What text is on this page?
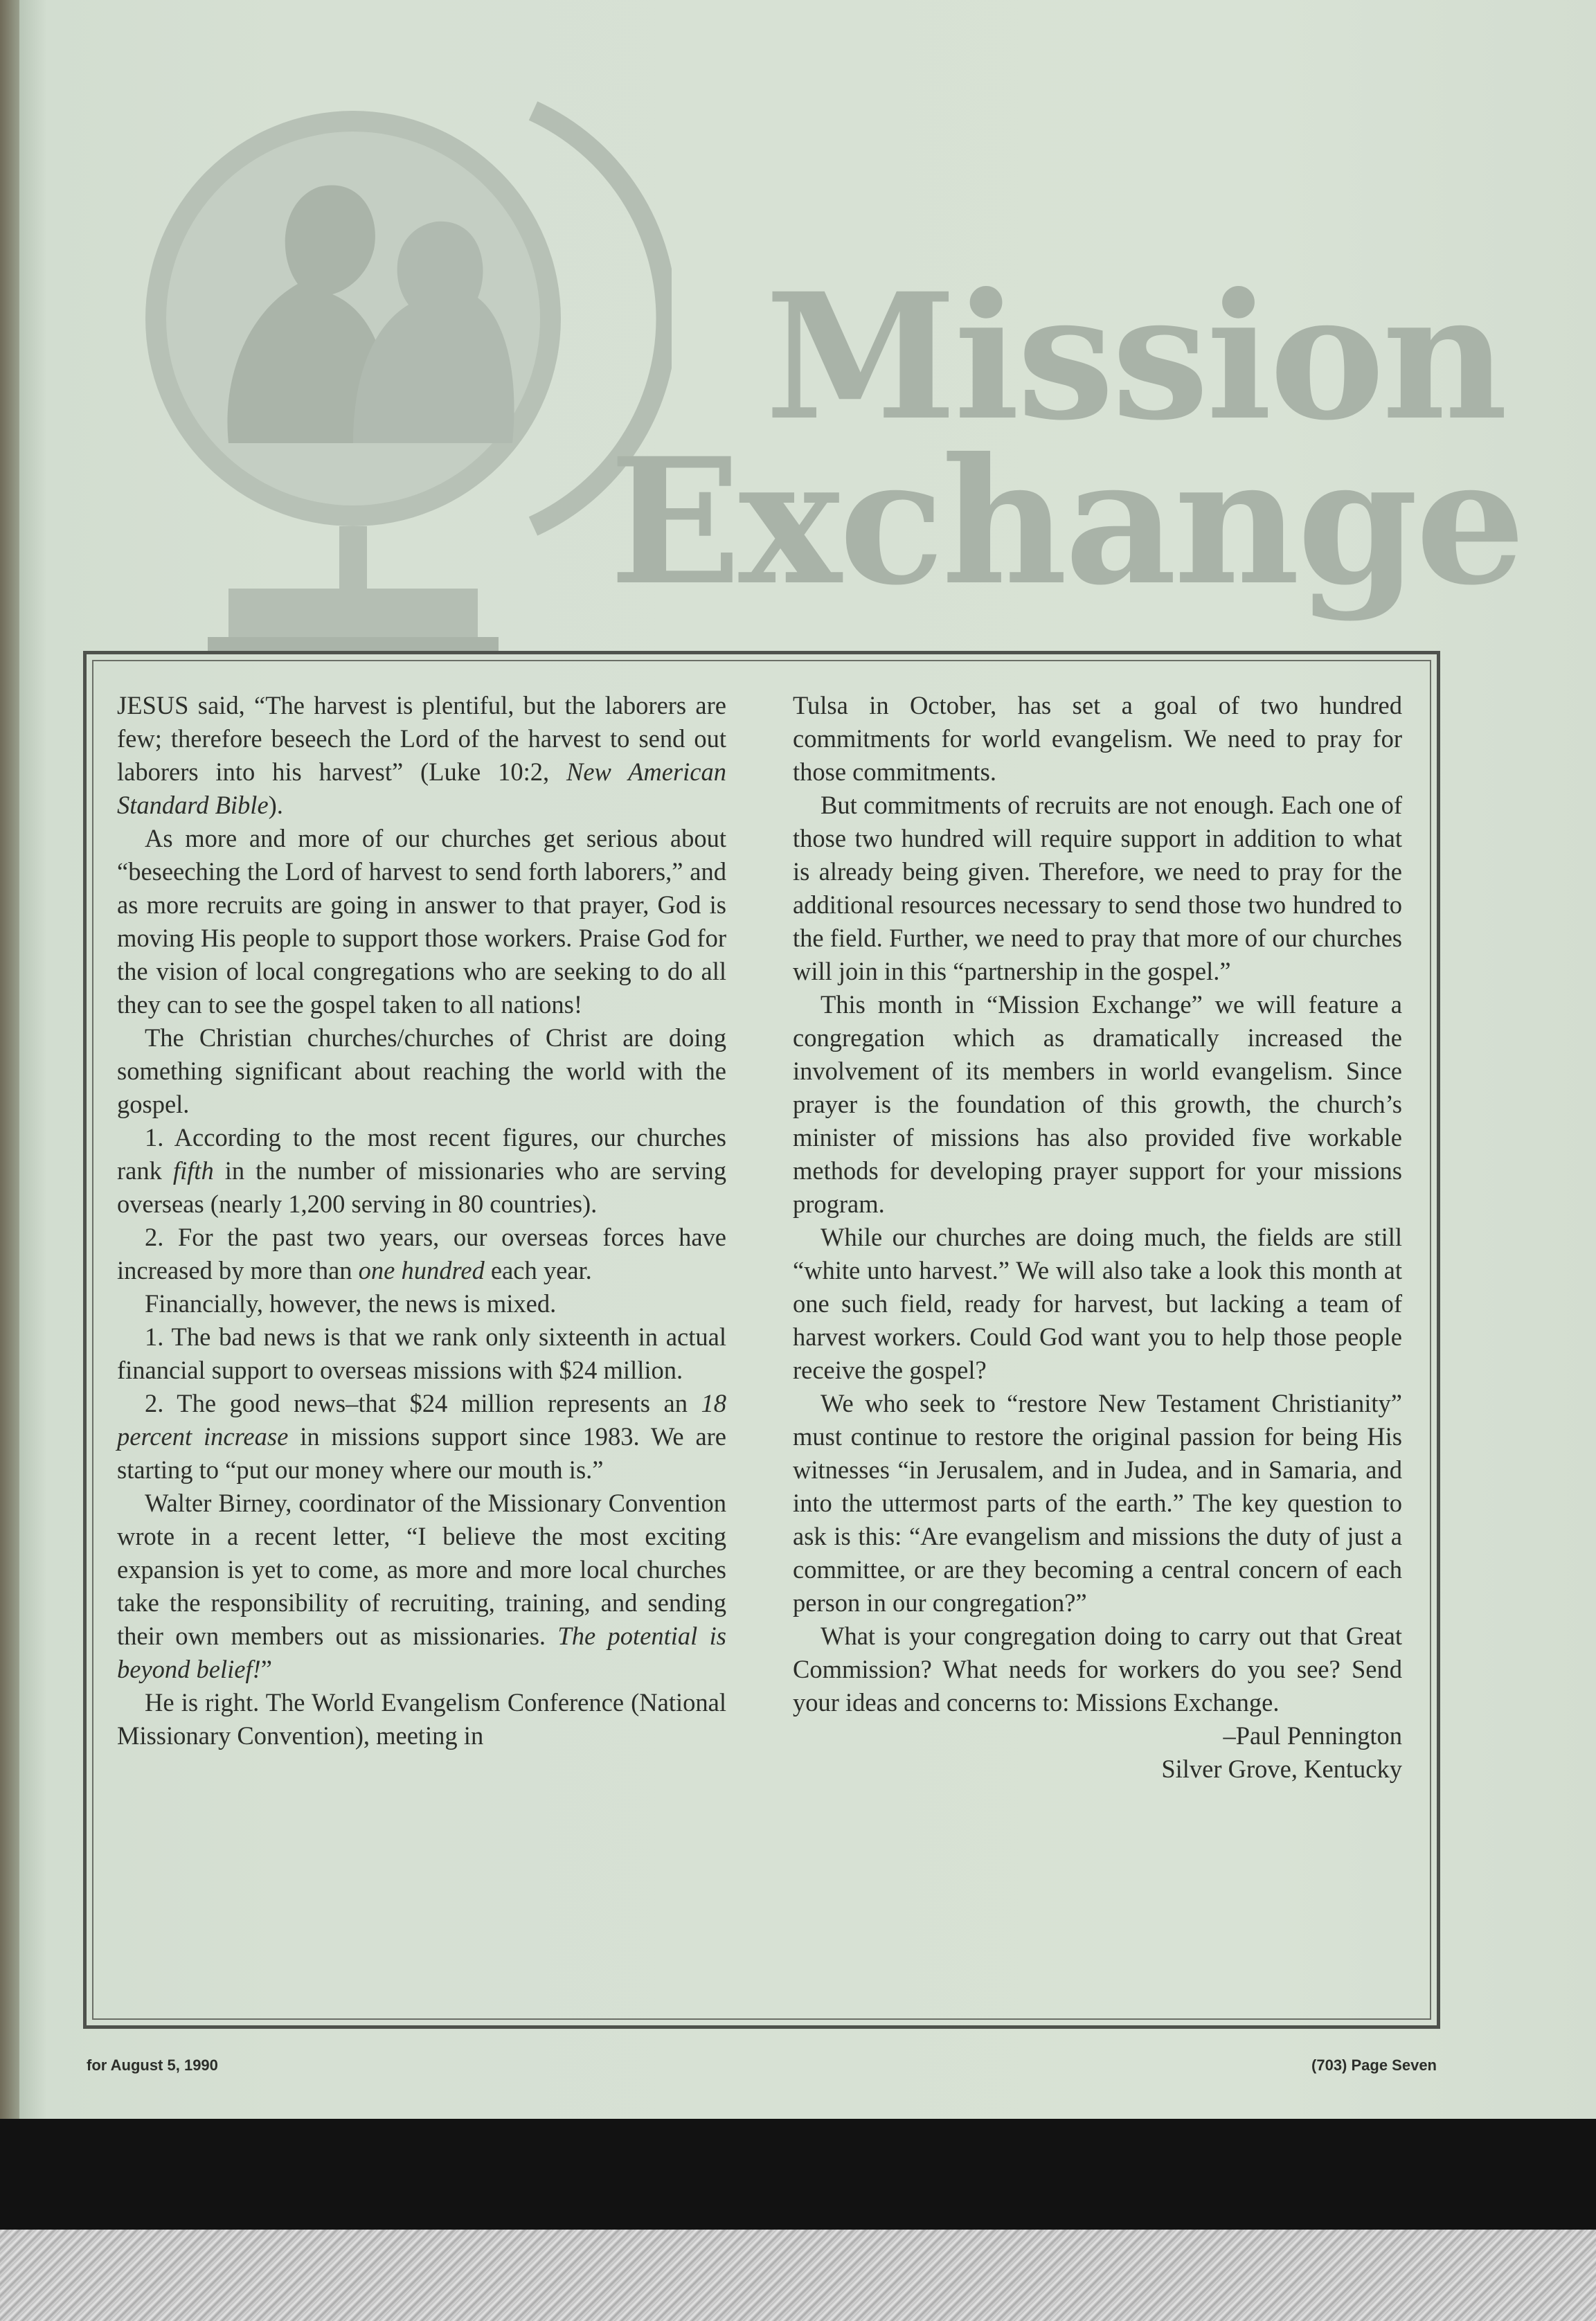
Mission
Exchange

JESUS said, “The harvest is plentiful, but the laborers are few; therefore beseech the Lord of the harvest to send out laborers into his harvest” (Luke 10:2, New American Standard Bible).

As more and more of our churches get serious about “beseeching the Lord of harvest to send forth laborers,” and as more recruits are going in answer to that prayer, God is moving His people to support those workers. Praise God for the vision of local congregations who are seeking to do all they can to see the gospel taken to all nations!

The Christian churches/churches of Christ are doing something significant about reaching the world with the gospel.

1. According to the most recent figures, our churches rank fifth in the number of missionaries who are serving overseas (nearly 1,200 serving in 80 countries).

2. For the past two years, our overseas forces have increased by more than one hundred each year.

Financially, however, the news is mixed.

1. The bad news is that we rank only sixteenth in actual financial support to overseas missions with $24 million.

2. The good news–that $24 million represents an 18 percent increase in missions support since 1983. We are starting to “put our money where our mouth is.”

Walter Birney, coordinator of the Missionary Convention wrote in a recent letter, “I believe the most exciting expansion is yet to come, as more and more local churches take the responsibility of recruiting, training, and sending their own members out as missionaries. The potential is beyond belief!”

He is right. The World Evangelism Conference (National Missionary Convention), meeting in

Tulsa in October, has set a goal of two hundred commitments for world evangelism. We need to pray for those commitments.

But commitments of recruits are not enough. Each one of those two hundred will require support in addition to what is already being given. Therefore, we need to pray for the additional resources necessary to send those two hundred to the field. Further, we need to pray that more of our churches will join in this “partnership in the gospel.”

This month in “Mission Exchange” we will feature a congregation which as dramatically increased the involvement of its members in world evangelism. Since prayer is the foundation of this growth, the church’s minister of missions has also provided five workable methods for developing prayer support for your missions program.

While our churches are doing much, the fields are still “white unto harvest.” We will also take a look this month at one such field, ready for harvest, but lacking a team of harvest workers. Could God want you to help those people receive the gospel?

We who seek to “restore New Testament Christianity” must continue to restore the original passion for being His witnesses “in Jerusalem, and in Judea, and in Samaria, and into the uttermost parts of the earth.” The key question to ask is this: “Are evangelism and missions the duty of just a committee, or are they becoming a central concern of each person in our congregation?”

What is your congregation doing to carry out that Great Commission? What needs for workers do you see? Send your ideas and concerns to: Missions Exchange.

–Paul Pennington

Silver Grove, Kentucky

for August 5, 1990	(703) Page Seven
